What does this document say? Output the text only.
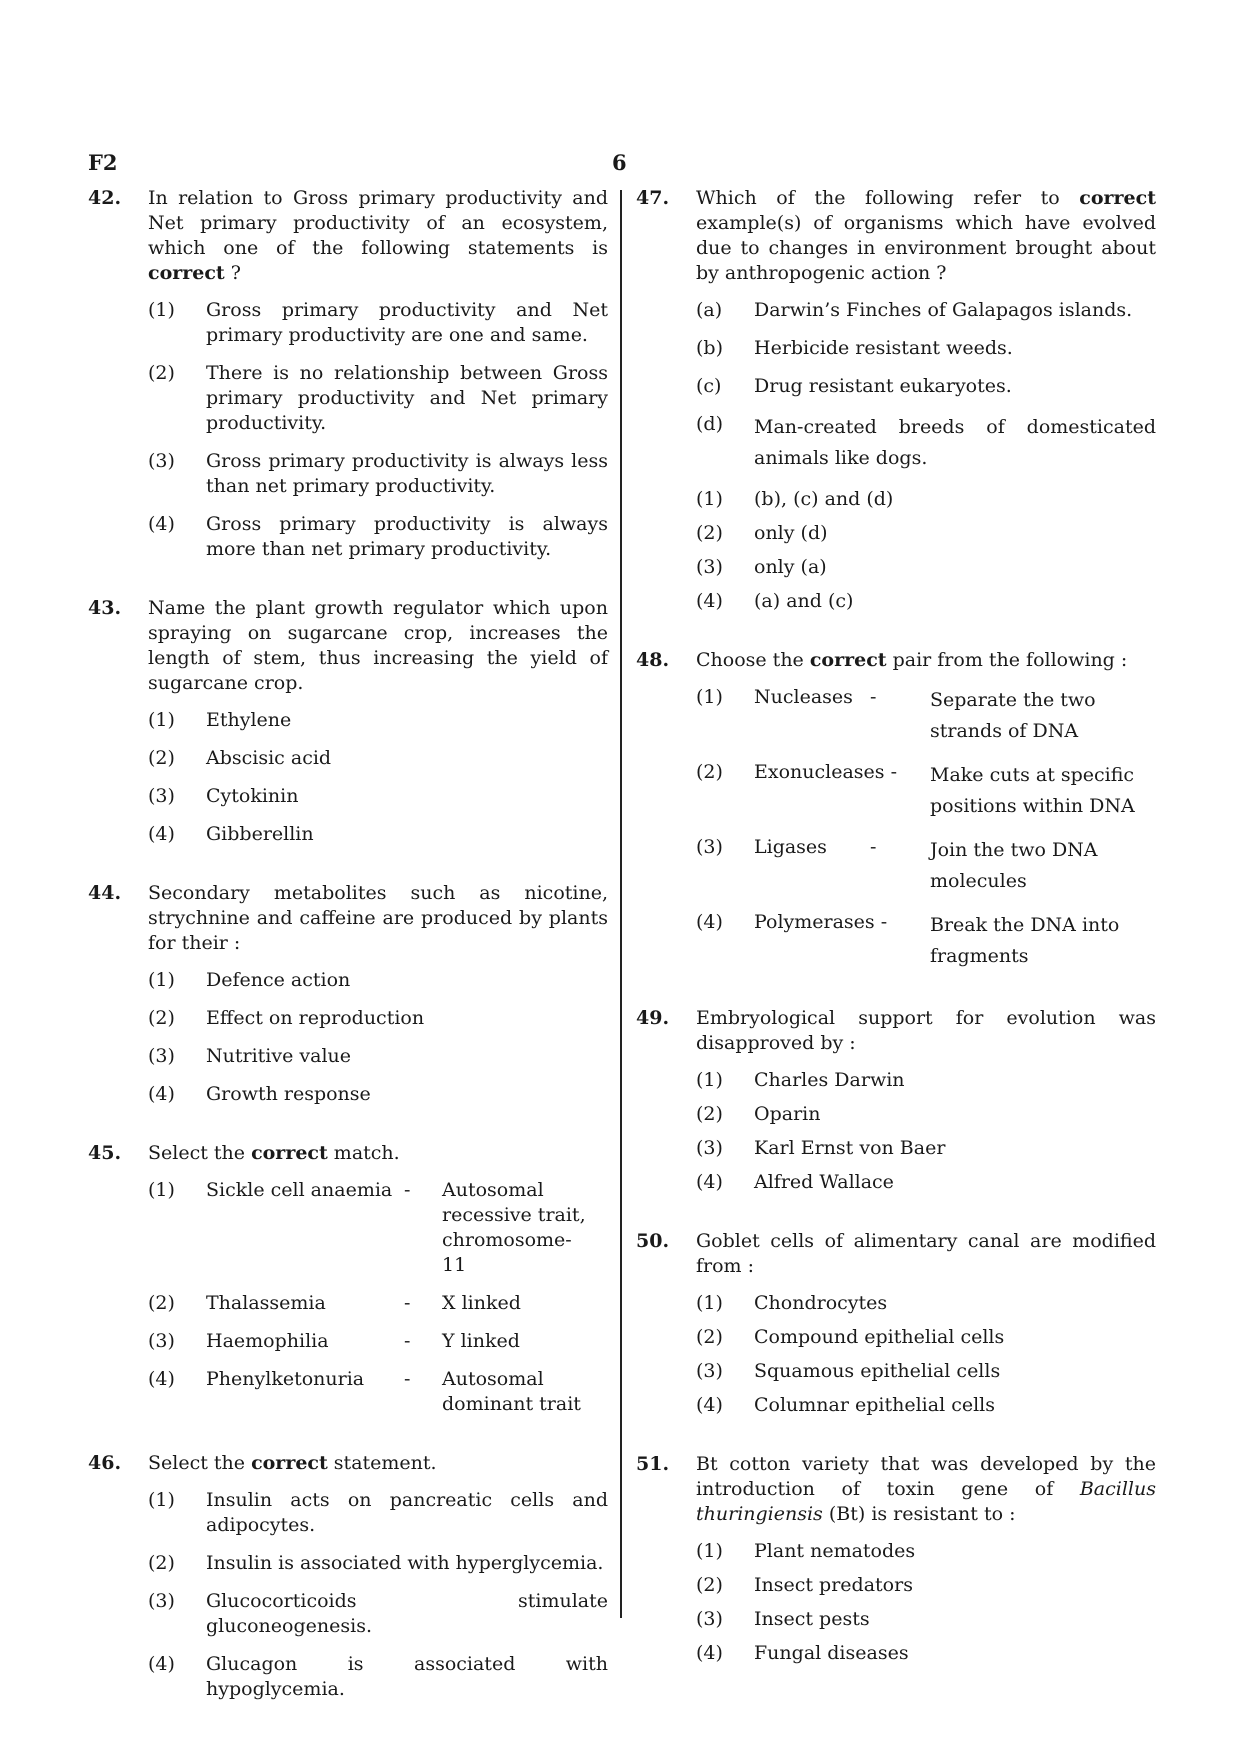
F2	6
42. In relation to Gross primary productivity and Net primary productivity of an ecosystem, which one of the following statements is correct ?
(1) Gross primary productivity and Net primary productivity are one and same.
(2) There is no relationship between Gross primary productivity and Net primary productivity.
(3) Gross primary productivity is always less than net primary productivity.
(4) Gross primary productivity is always more than net primary productivity.
43. Name the plant growth regulator which upon spraying on sugarcane crop, increases the length of stem, thus increasing the yield of sugarcane crop.
(1) Ethylene
(2) Abscisic acid
(3) Cytokinin
(4) Gibberellin
44. Secondary metabolites such as nicotine, strychnine and caffeine are produced by plants for their :
(1) Defence action
(2) Effect on reproduction
(3) Nutritive value
(4) Growth response
45. Select the correct match.
(1) Sickle cell anaemia - Autosomal recessive trait, chromosome-11
(2) Thalassemia	- X linked
(3) Haemophilia	- Y linked
(4) Phenylketonuria	- Autosomal dominant trait
46. Select the correct statement.
(1) Insulin acts on pancreatic cells and adipocytes.
(2) Insulin is associated with hyperglycemia.
(3) Glucocorticoids stimulate gluconeogenesis.
(4) Glucagon is associated with hypoglycemia.
47. Which of the following refer to correct example(s) of organisms which have evolved due to changes in environment brought about by anthropogenic action ?
(a) Darwin’s Finches of Galapagos islands.
(b) Herbicide resistant weeds.
(c) Drug resistant eukaryotes.
(d) Man-created breeds of domesticated animals like dogs.
(1) (b), (c) and (d)
(2) only (d)
(3) only (a)
(4) (a) and (c)
48. Choose the correct pair from the following :
(1) Nucleases -	Separate the two strands of DNA
(2) Exonucleases -	Make cuts at specific positions within DNA
(3) Ligases -	Join the two DNA molecules
(4) Polymerases -	Break the DNA into fragments
49. Embryological support for evolution was disapproved by :
(1) Charles Darwin
(2) Oparin
(3) Karl Ernst von Baer
(4) Alfred Wallace
50. Goblet cells of alimentary canal are modified from :
(1) Chondrocytes
(2) Compound epithelial cells
(3) Squamous epithelial cells
(4) Columnar epithelial cells
51. Bt cotton variety that was developed by the introduction of toxin gene of Bacillus thuringiensis (Bt) is resistant to :
(1) Plant nematodes
(2) Insect predators
(3) Insect pests
(4) Fungal diseases
